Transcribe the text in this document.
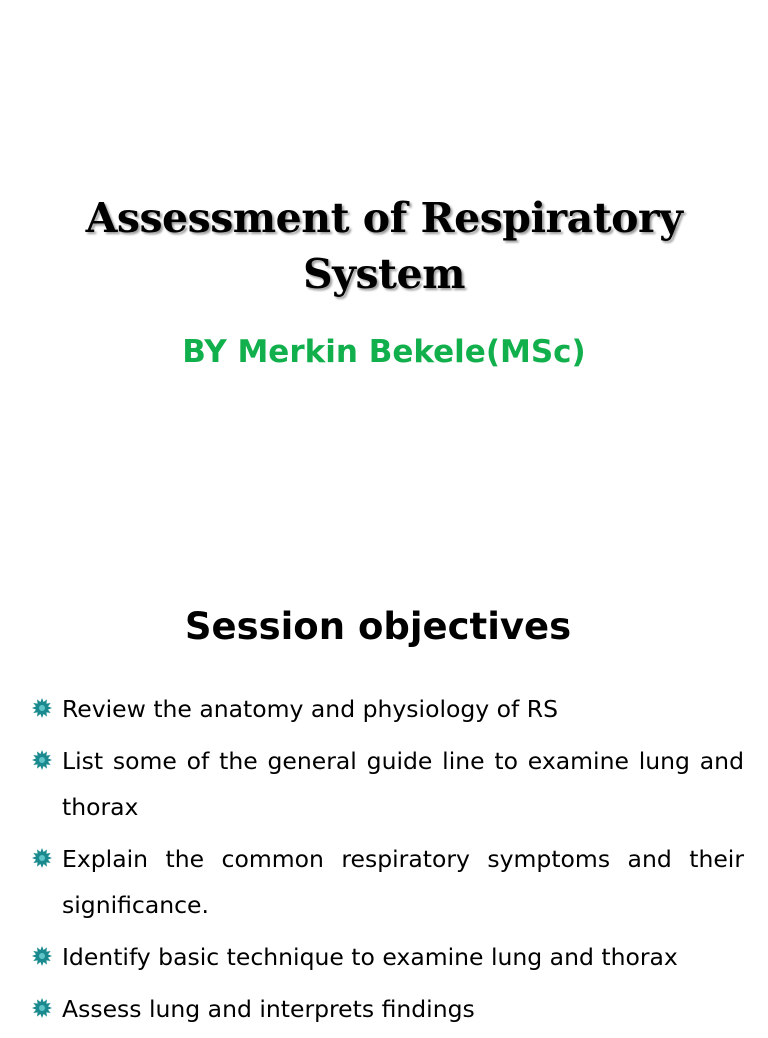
Assessment of Respiratory
System
BY Merkin Bekele(MSc)
Session objectives
Review the anatomy and physiology of RS
List some of the general guide line to examine lung and thorax
Explain the common respiratory symptoms and their significance.
Identify basic technique to examine lung and thorax
Assess lung and interprets findings
